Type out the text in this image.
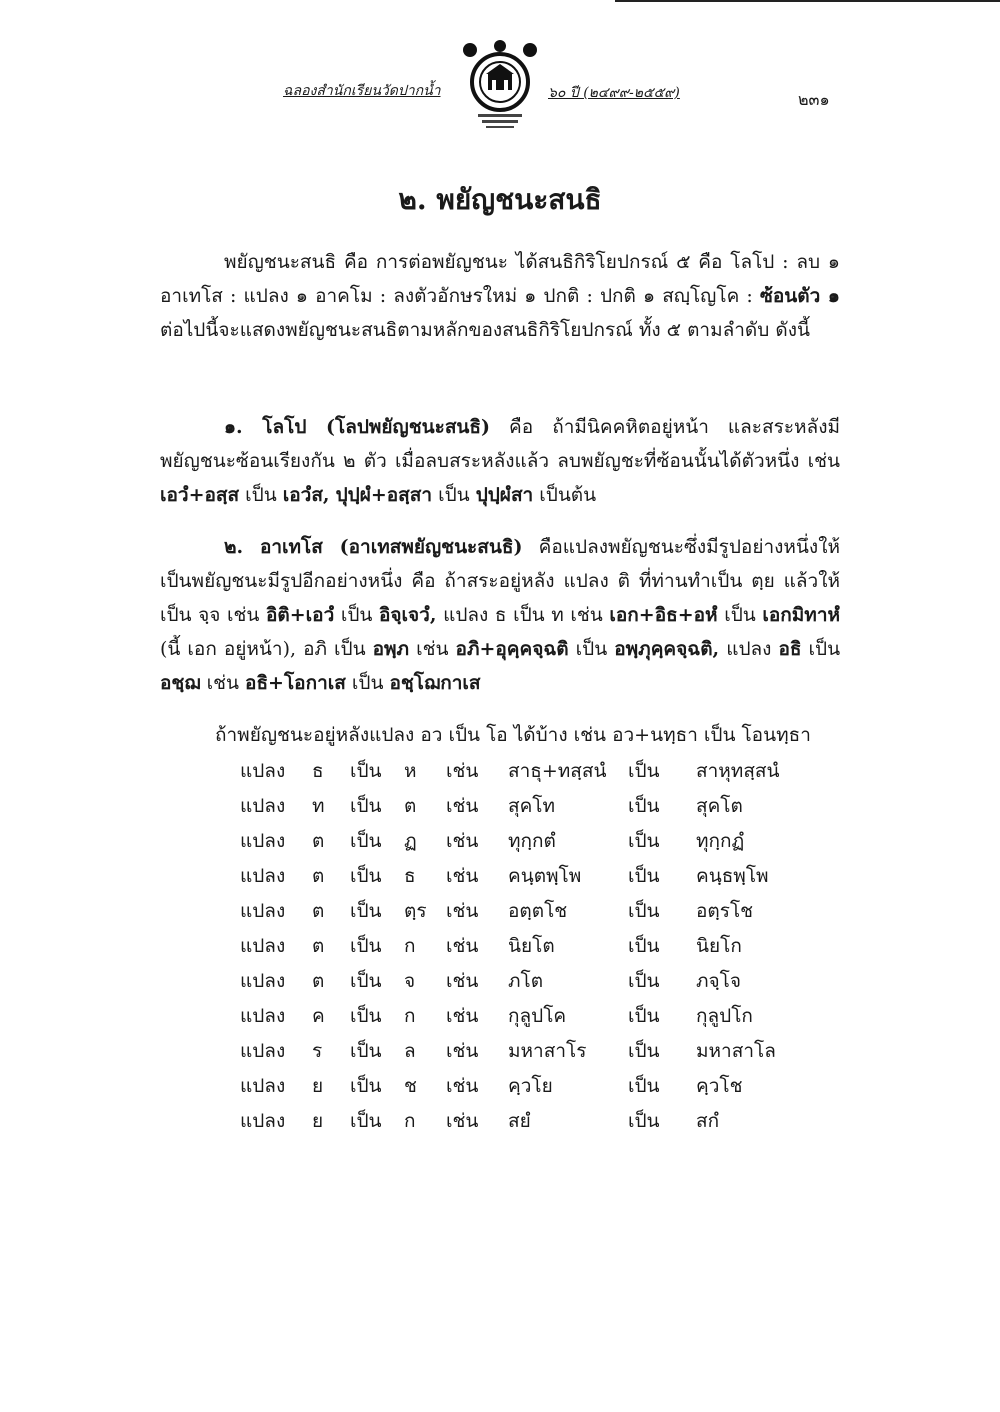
ฉลองสำนักเรียนวัดปากน้ำ	๖๐ ปี (๒๔๙๙-๒๕๕๙)	๒๓๑
๒. พยัญชนะสนธิ

พยัญชนะสนธิ คือ การต่อพยัญชนะ ได้สนธิกิริโยปกรณ์ ๕ คือ โลโป : ลบ ๑ อาเทโส : แปลง ๑ อาคโม : ลงตัวอักษรใหม่ ๑ ปกติ : ปกติ ๑ สญฺโญโค : ซ้อนตัว ๑ ต่อไปนี้จะแสดงพยัญชนะสนธิตามหลักของสนธิกิริโยปกรณ์ ทั้ง ๕ ตามลำดับ ดังนี้

๑. โลโป (โลปพยัญชนะสนธิ) คือ ถ้ามีนิคคหิตอยู่หน้า และสระหลังมีพยัญชนะซ้อนเรียงกัน ๒ ตัว เมื่อลบสระหลังแล้ว ลบพยัญชะที่ซ้อนนั้นได้ตัวหนึ่ง เช่น เอวํ+อสฺส เป็น เอวํส, ปุปฺผํ+อสฺสา เป็น ปุปฺผํสา เป็นต้น

๒. อาเทโส (อาเทสพยัญชนะสนธิ) คือแปลงพยัญชนะซึ่งมีรูปอย่างหนึ่งให้เป็นพยัญชนะมีรูปอีกอย่างหนึ่ง คือ ถ้าสระอยู่หลัง แปลง ติ ที่ท่านทำเป็น ตฺย แล้วให้เป็น จฺจ เช่น อิติ+เอวํ เป็น อิจฺเจวํ, แปลง ธ เป็น ท เช่น เอก+อิธ+อหํ เป็น เอกมิทาหํ (นี้ เอก อยู่หน้า), อภิ เป็น อพฺภ เช่น อภิ+อุคฺคจฺฉติ เป็น อพฺภุคฺคจฺฉติ, แปลง อธิ เป็น อชฺฌ เช่น อธิ+โอกาเส เป็น อชฺโฌกาเส

ถ้าพยัญชนะอยู่หลังแปลง อว เป็น โอ ได้บ้าง เช่น อว+นทฺธา เป็น โอนทฺธา
แปลง ธ เป็น ห เช่น สาธุ+ทสฺสนํ เป็น สาหุทสฺสนํ
แปลง ท เป็น ต เช่น สุคโท	เป็น สุคโต
แปลง ต เป็น ฏ เช่น ทุกฺกตํ	เป็น ทุกฺกฏํ
แปลง ต เป็น ธ เช่น คนฺตพฺโพ เป็น คนฺธพฺโพ
แปลง ต เป็น ตฺร เช่น อตฺตโช	เป็น อตฺรโช
แปลง ต เป็น ก เช่น นิยโต	เป็น นิยโก
แปลง ต เป็น จ เช่น ภโต	เป็น ภจฺโจ
แปลง ค เป็น ก เช่น กุลูปโค	เป็น กุลูปโก
แปลง ร เป็น ล เช่น มหาสาโร เป็น มหาสาโล
แปลง ย เป็น ช เช่น คฺวโย	เป็น คฺวโช
แปลง ย เป็น ก เช่น สยํ	เป็น สกํ
